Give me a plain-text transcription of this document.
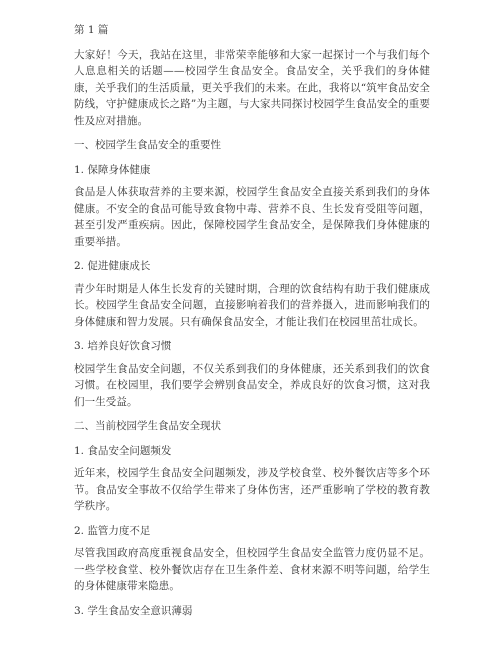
第 1 篇

大家好！今天，我站在这里，非常荣幸能够和大家一起探讨一个与我们每个人息息相关的话题——校园学生食品安全。食品安全，关乎我们的身体健康，关乎我们的生活质量，更关乎我们的未来。在此，我将以“筑牢食品安全防线，守护健康成长之路”为主题，与大家共同探讨校园学生食品安全的重要性及应对措施。

一、校园学生食品安全的重要性

1. 保障身体健康

食品是人体获取营养的主要来源，校园学生食品安全直接关系到我们的身体健康。不安全的食品可能导致食物中毒、营养不良、生长发育受阻等问题，甚至引发严重疾病。因此，保障校园学生食品安全，是保障我们身体健康的重要举措。

2. 促进健康成长

青少年时期是人体生长发育的关键时期，合理的饮食结构有助于我们健康成长。校园学生食品安全问题，直接影响着我们的营养摄入，进而影响我们的身体健康和智力发展。只有确保食品安全，才能让我们在校园里茁壮成长。

3. 培养良好饮食习惯

校园学生食品安全问题，不仅关系到我们的身体健康，还关系到我们的饮食习惯。在校园里，我们要学会辨别食品安全，养成良好的饮食习惯，这对我们一生受益。

二、当前校园学生食品安全现状

1. 食品安全问题频发

近年来，校园学生食品安全问题频发，涉及学校食堂、校外餐饮店等多个环节。食品安全事故不仅给学生带来了身体伤害，还严重影响了学校的教育教学秩序。

2. 监管力度不足

尽管我国政府高度重视食品安全，但校园学生食品安全监管力度仍显不足。一些学校食堂、校外餐饮店存在卫生条件差、食材来源不明等问题，给学生的身体健康带来隐患。

3. 学生食品安全意识薄弱
